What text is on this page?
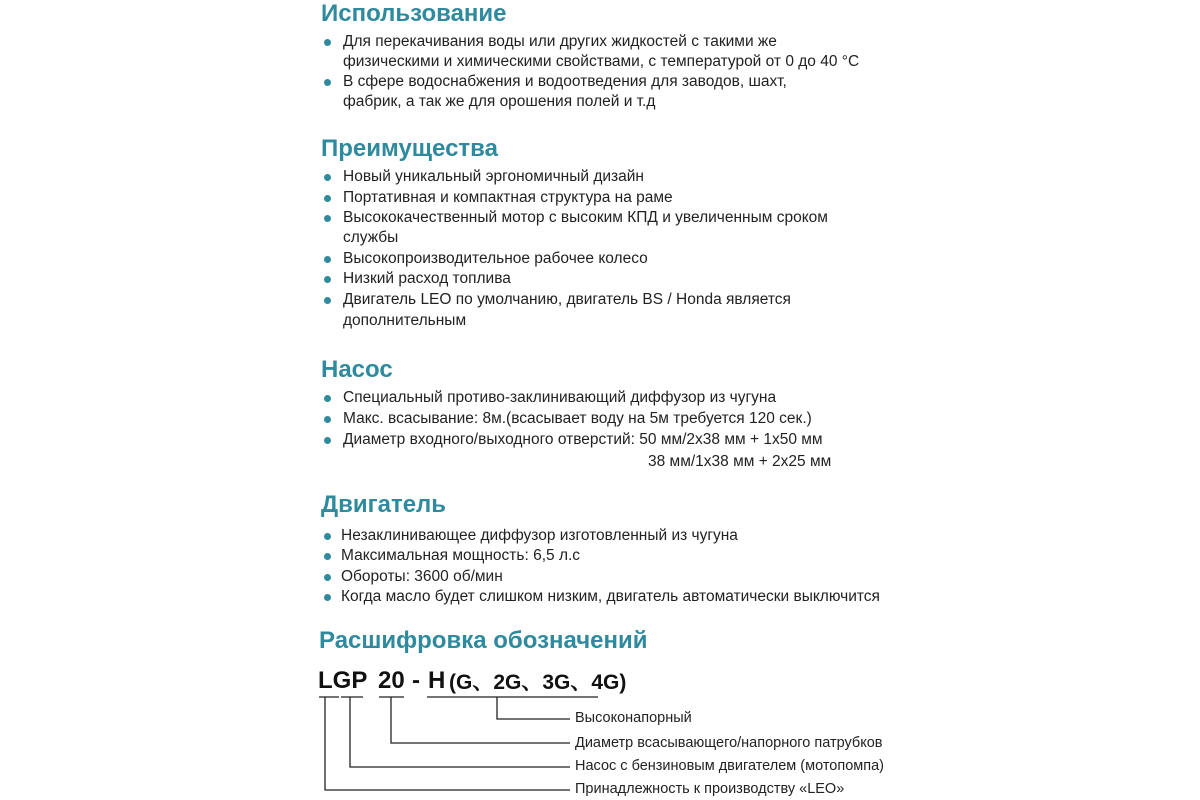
Использование
Для перекачивания воды или других жидкостей с такими же
физическими и химическими свойствами, с температурой от 0 до 40 °C
В сфере водоснабжения и водоотведения для заводов, шахт,
фабрик, а так же для орошения полей и т.д
Преимущества
Новый уникальный эргономичный дизайн
Портативная и компактная структура на раме
Высококачественный мотор с высоким КПД и увеличенным сроком
службы
Высокопроизводительное рабочее колесо
Низкий расход топлива
Двигатель LEO по умолчанию, двигатель BS / Honda является
дополнительным
Насос
Специальный противо-заклинивающий диффузор из чугуна
Макс. всасывание: 8м.(всасывает воду на 5м требуется 120 сек.)
Диаметр входного/выходного отверстий: 50 мм/2х38 мм + 1х50 мм
38 мм/1х38 мм + 2х25 мм
Двигатель
Незаклинивающее диффузор изготовленный из чугуна
Максимальная мощность: 6,5 л.с
Обороты: 3600 об/мин
Когда масло будет слишком низким, двигатель автоматически выключится
Расшифровка обозначений
LGP 20 - H (G、2G、3G、4G)
Высоконапорный
Диаметр всасывающего/напорного патрубков
Насос с бензиновым двигателем (мотопомпа)
Принадлежность к производству «LEO»
